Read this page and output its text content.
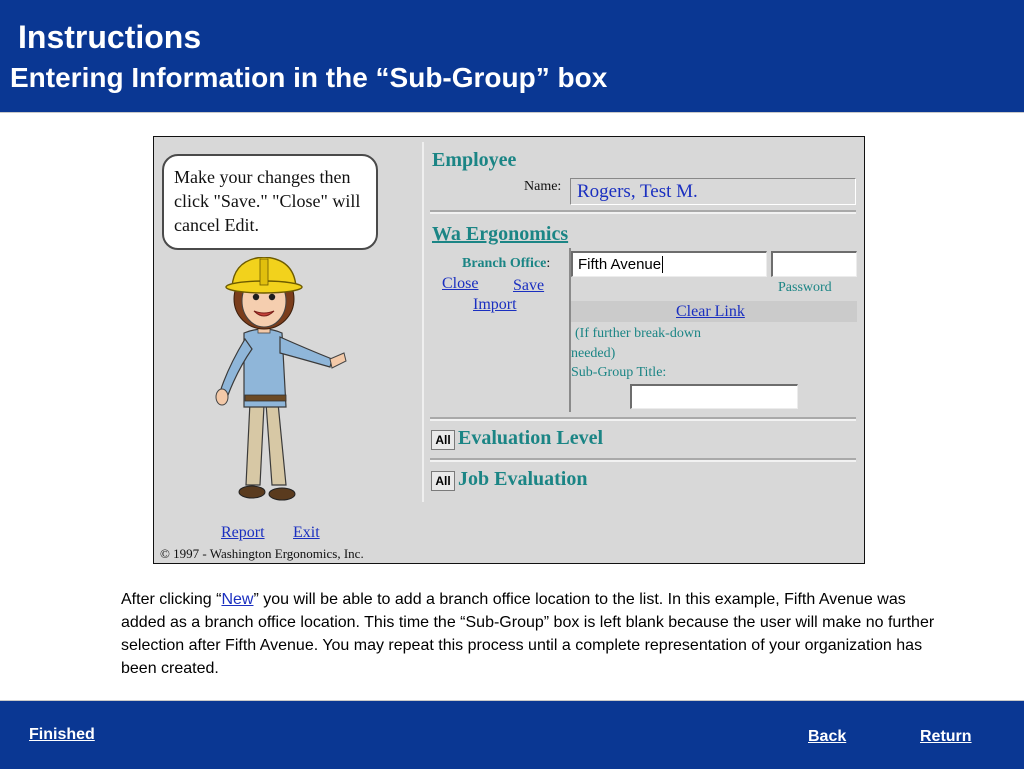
Instructions
Entering Information in the “Sub-Group” box
Make your changes then click "Save." "Close" will cancel Edit.
Report Exit
© 1997 - Washington Ergonomics, Inc.
Employee
Name: Rogers, Test M.
Wa Ergonomics
Branch Office:
Close Save
Import
Fifth Avenue
Password
Clear Link
(If further break-down
needed)
Sub-Group Title:
All Evaluation Level
All Job Evaluation
After clicking “New” you will be able to add a branch office location to the list. In this example, Fifth Avenue was added as a branch office location. This time the “Sub-Group” box is left blank because the user will make no further selection after Fifth Avenue. You may repeat this process until a complete representation of your organization has been created.
Finished	Back	Return
